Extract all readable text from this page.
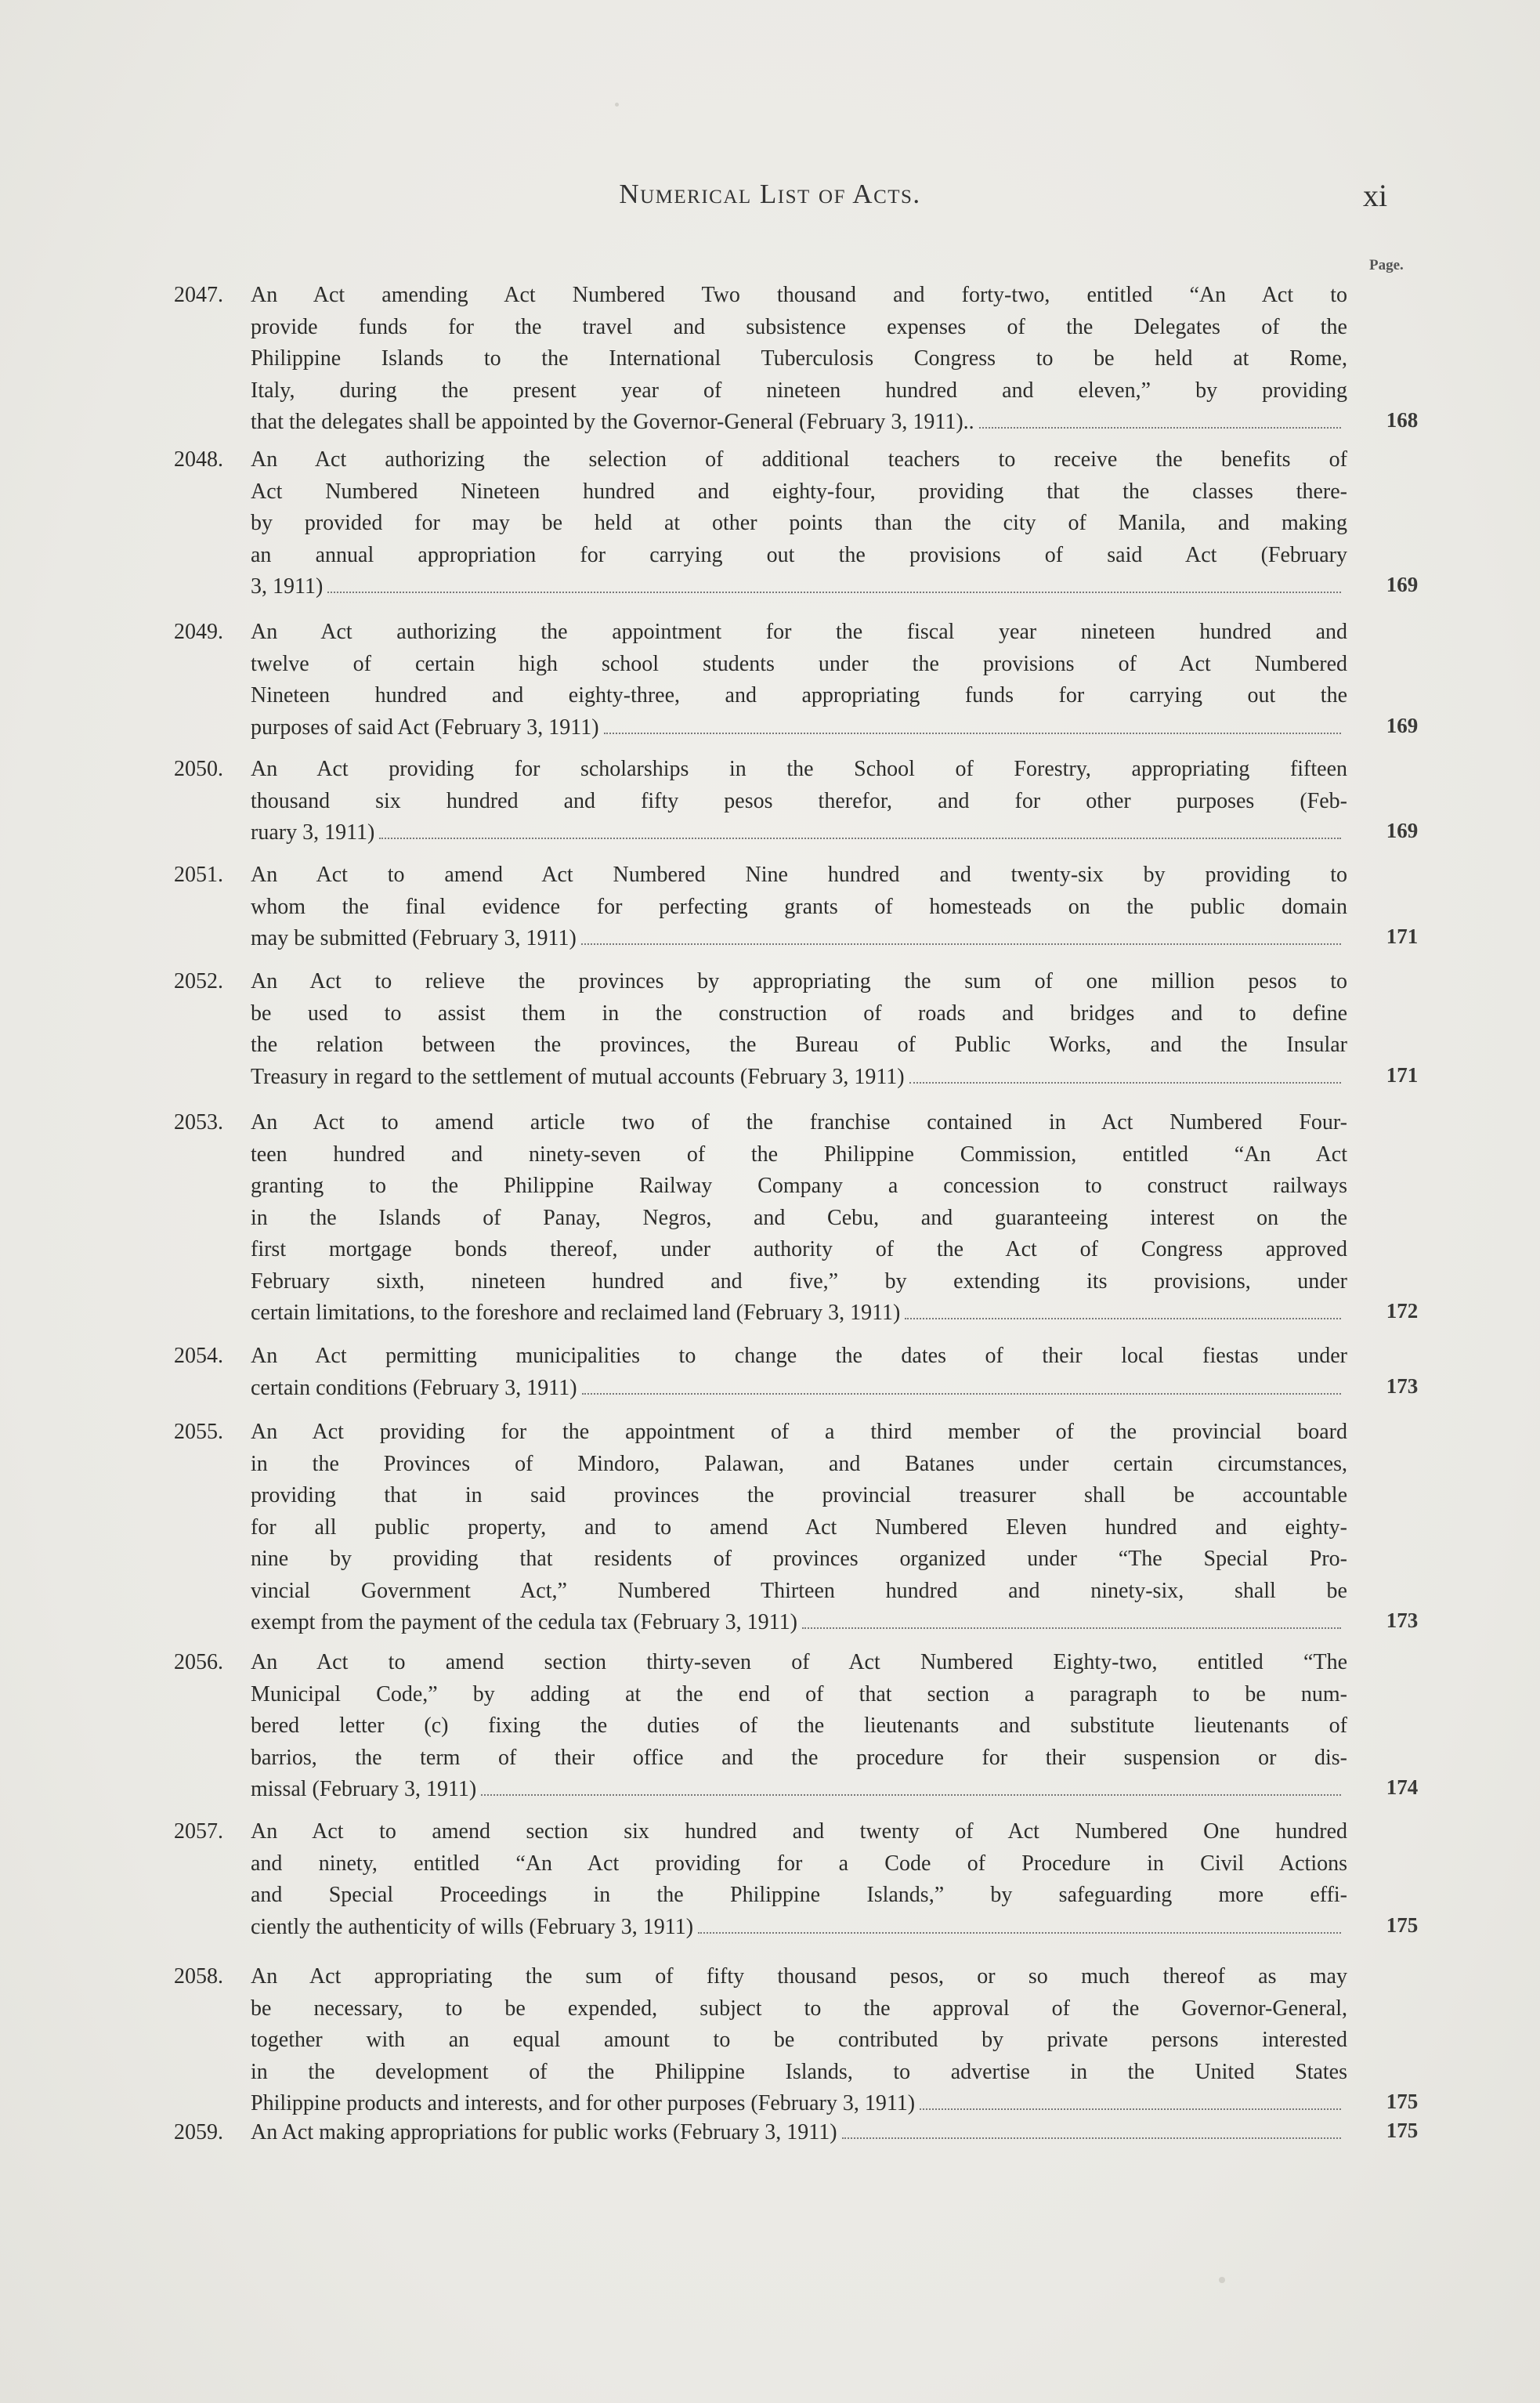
Numerical List of Acts.	xi
Page.
2047. An Act amending Act Numbered Two thousand and forty-two, entitled “An Act to
provide funds for the travel and subsistence expenses of the Delegates of the
Philippine Islands to the International Tuberculosis Congress to be held at Rome,
Italy, during the present year of nineteen hundred and eleven,” by providing
that the delegates shall be appointed by the Governor-General (February 3, 1911)..	168
2048. An Act authorizing the selection of additional teachers to receive the benefits of
Act Numbered Nineteen hundred and eighty-four, providing that the classes there-
by provided for may be held at other points than the city of Manila, and making
an annual appropriation for carrying out the provisions of said Act (February
3, 1911)	169
2049. An Act authorizing the appointment for the fiscal year nineteen hundred and
twelve of certain high school students under the provisions of Act Numbered
Nineteen hundred and eighty-three, and appropriating funds for carrying out the
purposes of said Act (February 3, 1911)	169
2050. An Act providing for scholarships in the School of Forestry, appropriating fifteen
thousand six hundred and fifty pesos therefor, and for other purposes (Feb-
ruary 3, 1911)	169
2051. An Act to amend Act Numbered Nine hundred and twenty-six by providing to
whom the final evidence for perfecting grants of homesteads on the public domain
may be submitted (February 3, 1911)	171
2052. An Act to relieve the provinces by appropriating the sum of one million pesos to
be used to assist them in the construction of roads and bridges and to define
the relation between the provinces, the Bureau of Public Works, and the Insular
Treasury in regard to the settlement of mutual accounts (February 3, 1911)	171
2053. An Act to amend article two of the franchise contained in Act Numbered Four-
teen hundred and ninety-seven of the Philippine Commission, entitled “An Act
granting to the Philippine Railway Company a concession to construct railways
in the Islands of Panay, Negros, and Cebu, and guaranteeing interest on the
first mortgage bonds thereof, under authority of the Act of Congress approved
February sixth, nineteen hundred and five,” by extending its provisions, under
certain limitations, to the foreshore and reclaimed land (February 3, 1911)	172
2054. An Act permitting municipalities to change the dates of their local fiestas under
certain conditions (February 3, 1911)	173
2055. An Act providing for the appointment of a third member of the provincial board
in the Provinces of Mindoro, Palawan, and Batanes under certain circumstances,
providing that in said provinces the provincial treasurer shall be accountable
for all public property, and to amend Act Numbered Eleven hundred and eighty-
nine by providing that residents of provinces organized under “The Special Pro-
vincial Government Act,” Numbered Thirteen hundred and ninety-six, shall be
exempt from the payment of the cedula tax (February 3, 1911)	173
2056. An Act to amend section thirty-seven of Act Numbered Eighty-two, entitled “The
Municipal Code,” by adding at the end of that section a paragraph to be num-
bered letter (c) fixing the duties of the lieutenants and substitute lieutenants of
barrios, the term of their office and the procedure for their suspension or dis-
missal (February 3, 1911)	174
2057. An Act to amend section six hundred and twenty of Act Numbered One hundred
and ninety, entitled “An Act providing for a Code of Procedure in Civil Actions
and Special Proceedings in the Philippine Islands,” by safeguarding more effi-
ciently the authenticity of wills (February 3, 1911)	175
2058. An Act appropriating the sum of fifty thousand pesos, or so much thereof as may
be necessary, to be expended, subject to the approval of the Governor-General,
together with an equal amount to be contributed by private persons interested
in the development of the Philippine Islands, to advertise in the United States
Philippine products and interests, and for other purposes (February 3, 1911)	175
2059. An Act making appropriations for public works (February 3, 1911)	175
